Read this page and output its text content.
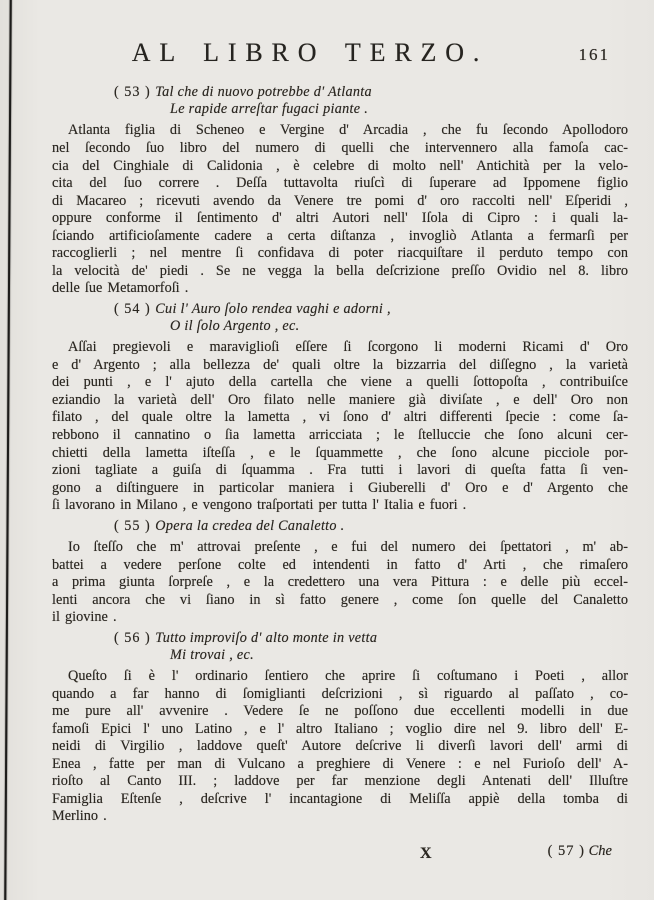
AL LIBRO TERZO.	161
( 53 ) Tal che di nuovo potrebbe d' Atlanta
Le rapide arreſtar fugaci piante .
Atlanta figlia di Scheneo e Vergine d' Arcadia , che fu ſecondo Apollodoro
nel ſecondo ſuo libro del numero di quelli che intervennero alla famoſa cac-
cia del Cinghiale di Calidonia , è celebre di molto nell' Antichità per la velo-
cita del ſuo correre . Deſſa tuttavolta riuſcì di ſuperare ad Ippomene figlio
di Macareo ; ricevuti avendo da Venere tre pomi d' oro raccolti nell' Eſperidi ,
oppure conforme il ſentimento d' altri Autori nell' Iſola di Cipro : i quali la-
ſciando artificioſamente cadere a certa diſtanza , invogliò Atlanta a fermarſi per
raccoglierli ; nel mentre ſi confidava di poter riacquiſtare il perduto tempo con
la velocità de' piedi . Se ne vegga la bella deſcrizione preſſo Ovidio nel 8. libro
delle ſue Metamorfoſi .
( 54 ) Cui l' Auro ſolo rendea vaghi e adorni ,
O il ſolo Argento , ec.
Aſſai pregievoli e maraviglioſi eſſere ſi ſcorgono li moderni Ricami d' Oro
e d' Argento ; alla bellezza de' quali oltre la bizzarria del diſſegno , la varietà
dei punti , e l' ajuto della cartella che viene a quelli ſottopoſta , contribuiſce
eziandio la varietà dell' Oro filato nelle maniere già diviſate , e dell' Oro non
filato , del quale oltre la lametta , vi ſono d' altri differenti ſpecie : come ſa-
rebbono il cannatino o ſia lametta arricciata ; le ſtelluccie che ſono alcuni cer-
chietti della lametta iſteſſa , e le ſquammette , che ſono alcune picciole por-
zioni tagliate a guiſa di ſquamma . Fra tutti i lavori di queſta fatta ſi ven-
gono a diſtinguere in particolar maniera i Giuberelli d' Oro e d' Argento che
ſi lavorano in Milano , e vengono traſportati per tutta l' Italia e fuori .
( 55 ) Opera la credea del Canaletto .
Io ſteſſo che m' attrovai preſente , e fui del numero dei ſpettatori , m' ab-
battei a vedere perſone colte ed intendenti in fatto d' Arti , che rimaſero
a prima giunta ſorpreſe , e la credettero una vera Pittura : e delle più eccel-
lenti ancora che vi ſiano in sì fatto genere , come ſon quelle del Canaletto
il giovine .
( 56 ) Tutto improviſo d' alto monte in vetta
Mi trovai , ec.
Queſto ſi è l' ordinario ſentiero che aprire ſi coſtumano i Poeti , allor
quando a far hanno di ſomiglianti deſcrizioni , sì riguardo al paſſato , co-
me pure all' avvenire . Vedere ſe ne poſſono due eccellenti modelli in due
famoſi Epici l' uno Latino , e l' altro Italiano ; voglio dire nel 9. libro dell' E-
neidi di Virgilio , laddove queſt' Autore deſcrive li diverſi lavori dell' armi di
Enea , fatte per man di Vulcano a preghiere di Venere : e nel Furioſo dell' A-
rioſto al Canto III. ; laddove per far menzione degli Antenati dell' Illuſtre
Famiglia Eſtenſe , deſcrive l' incantagione di Meliſſa appiè della tomba di
Merlino .
X	( 57 ) Che
